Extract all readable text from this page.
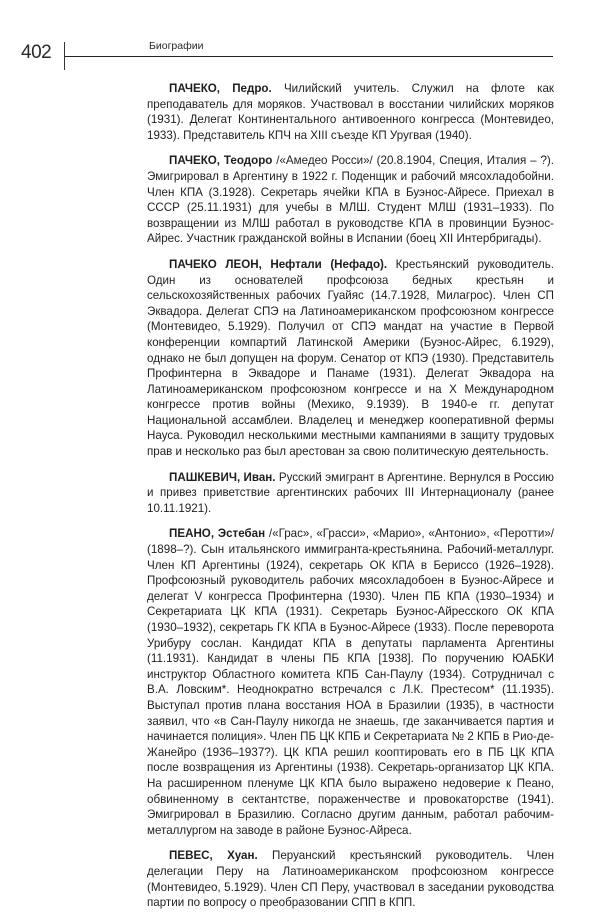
402	Биографии

ПАЧЕКО, Педро. Чилийский учитель. Служил на флоте как преподаватель для моряков. Участвовал в восстании чилийских моряков (1931). Делегат Континентального антивоенного конгресса (Монтевидео, 1933). Представитель КПЧ на XIII съезде КП Уругвая (1940).

ПАЧЕКО, Теодоро /«Амедео Росси»/ (20.8.1904, Специя, Италия – ?). Эмигрировал в Аргентину в 1922 г. Поденщик и рабочий мясохладобойни. Член КПА (3.1928). Секретарь ячейки КПА в Буэнос-Айресе. Приехал в СССР (25.11.1931) для учебы в МЛШ. Студент МЛШ (1931–1933). По возвращении из МЛШ работал в руководстве КПА в провинции Буэнос-Айрес. Участник гражданской войны в Испании (боец XII Интербригады).

ПАЧЕКО ЛЕОН, Нефтали (Нефадо). Крестьянский руководитель. Один из основателей профсоюза бедных крестьян и сельскохозяйственных рабочих Гуайяс (14.7.1928, Милагрос). Член СП Эквадора. Делегат СПЭ на Латиноамериканском профсоюзном конгрессе (Монтевидео, 5.1929). Получил от СПЭ мандат на участие в Первой конференции компартий Латинской Америки (Буэнос-Айрес, 6.1929), однако не был допущен на форум. Сенатор от КПЭ (1930). Представитель Профинтерна в Эквадоре и Панаме (1931). Делегат Эквадора на Латиноамериканском профсоюзном конгрессе и на X Международном конгрессе против войны (Мехико, 9.1939). В 1940-е гг. депутат Национальной ассамблеи. Владелец и менеджер кооперативной фермы Науса. Руководил несколькими местными кампаниями в защиту трудовых прав и несколько раз был арестован за свою политическую деятельность.

ПАШКЕВИЧ, Иван. Русский эмигрант в Аргентине. Вернулся в Россию и привез приветствие аргентинских рабочих III Интернационалу (ранее 10.11.1921).

ПЕАНО, Эстебан /«Грас», «Грасси», «Марио», «Антонио», «Перотти»/ (1898–?). Сын итальянского иммигранта-крестьянина. Рабочий-металлург. Член КП Аргентины (1924), секретарь ОК КПА в Бериссо (1926–1928). Профсоюзный руководитель рабочих мясохладобоен в Буэнос-Айресе и делегат V конгресса Профинтерна (1930). Член ПБ КПА (1930–1934) и Секретариата ЦК КПА (1931). Секретарь Буэнос-Айресского ОК КПА (1930–1932), секретарь ГК КПА в Буэнос-Айресе (1933). После переворота Урибуру сослан. Кандидат КПА в депутаты парламента Аргентины (11.1931). Кандидат в члены ПБ КПА [1938]. По поручению ЮАБКИ инструктор Областного комитета КПБ Сан-Паулу (1934). Сотрудничал с В.А. Ловским*. Неоднократно встречался с Л.К. Престесом* (11.1935). Выступал против плана восстания НОА в Бразилии (1935), в частности заявил, что «в Сан-Паулу никогда не знаешь, где заканчивается партия и начинается полиция». Член ПБ ЦК КПБ и Секретариата № 2 КПБ в Рио-де-Жанейро (1936–1937?). ЦК КПА решил кооптировать его в ПБ ЦК КПА после возвращения из Аргентины (1938). Секретарь-организатор ЦК КПА. На расширенном пленуме ЦК КПА было выражено недоверие к Пеано, обвиненному в сектантстве, пораженчестве и провокаторстве (1941). Эмигрировал в Бразилию. Согласно другим данным, работал рабочим-металлургом на заводе в районе Буэнос-Айреса.

ПЕВЕС, Хуан. Перуанский крестьянский руководитель. Член делегации Перу на Латиноамериканском профсоюзном конгрессе (Монтевидео, 5.1929). Член СП Перу, участвовал в заседании руководства партии по вопросу о преобразовании СПП в КПП.
